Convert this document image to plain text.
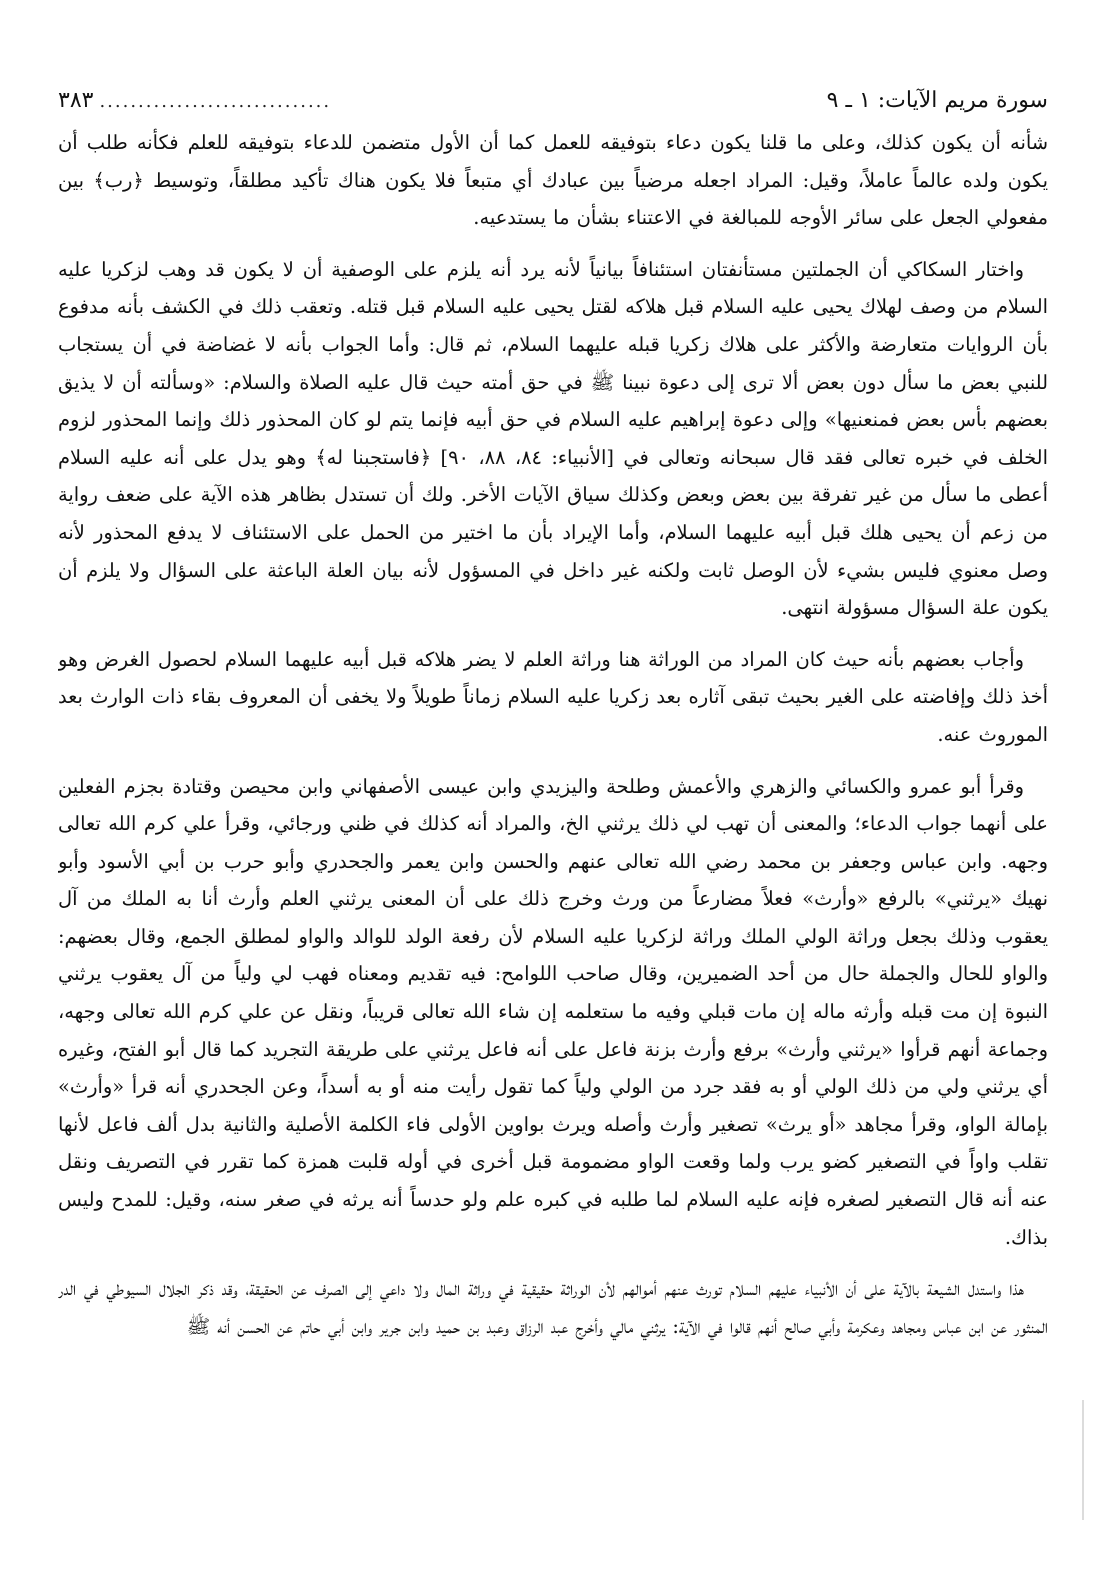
سورة مريم الآيات: ١ ـ ٩
..............................
٣٨٣

شأنه أن يكون كذلك، وعلى ما قلنا يكون دعاء بتوفيقه للعمل كما أن الأول متضمن للدعاء بتوفيقه للعلم فكأنه طلب أن يكون ولده عالماً عاملاً، وقيل: المراد اجعله مرضياً بين عبادك أي متبعاً فلا يكون هناك تأكيد مطلقاً، وتوسيط ﴿رب﴾ بين مفعولي الجعل على سائر الأوجه للمبالغة في الاعتناء بشأن ما يستدعيه.

واختار السكاكي أن الجملتين مستأنفتان استئنافاً بيانياً لأنه يرد أنه يلزم على الوصفية أن لا يكون قد وهب لزكريا عليه السلام من وصف لهلاك يحيى عليه السلام قبل هلاكه لقتل يحيى عليه السلام قبل قتله. وتعقب ذلك في الكشف بأنه مدفوع بأن الروايات متعارضة والأكثر على هلاك زكريا قبله عليهما السلام، ثم قال: وأما الجواب بأنه لا غضاضة في أن يستجاب للنبي بعض ما سأل دون بعض ألا ترى إلى دعوة نبينا ﷺ في حق أمته حيث قال عليه الصلاة والسلام: «وسألته أن لا يذيق بعضهم بأس بعض فمنعنيها» وإلى دعوة إبراهيم عليه السلام في حق أبيه فإنما يتم لو كان المحذور ذلك وإنما المحذور لزوم الخلف في خبره تعالى فقد قال سبحانه وتعالى في [الأنبياء: ٨٤، ٨٨، ٩٠] ﴿فاستجبنا له﴾ وهو يدل على أنه عليه السلام أعطى ما سأل من غير تفرقة بين بعض وبعض وكذلك سياق الآيات الأخر. ولك أن تستدل بظاهر هذه الآية على ضعف رواية من زعم أن يحيى هلك قبل أبيه عليهما السلام، وأما الإيراد بأن ما اختير من الحمل على الاستئناف لا يدفع المحذور لأنه وصل معنوي فليس بشيء لأن الوصل ثابت ولكنه غير داخل في المسؤول لأنه بيان العلة الباعثة على السؤال ولا يلزم أن يكون علة السؤال مسؤولة انتهى.

وأجاب بعضهم بأنه حيث كان المراد من الوراثة هنا وراثة العلم لا يضر هلاكه قبل أبيه عليهما السلام لحصول الغرض وهو أخذ ذلك وإفاضته على الغير بحيث تبقى آثاره بعد زكريا عليه السلام زماناً طويلاً ولا يخفى أن المعروف بقاء ذات الوارث بعد الموروث عنه.

وقرأ أبو عمرو والكسائي والزهري والأعمش وطلحة واليزيدي وابن عيسى الأصفهاني وابن محيصن وقتادة بجزم الفعلين على أنهما جواب الدعاء؛ والمعنى أن تهب لي ذلك يرثني الخ، والمراد أنه كذلك في ظني ورجائي، وقرأ علي كرم الله تعالى وجهه. وابن عباس وجعفر بن محمد رضي الله تعالى عنهم والحسن وابن يعمر والجحدري وأبو حرب بن أبي الأسود وأبو نهيك «يرثني» بالرفع «وأرث» فعلاً مضارعاً من ورث وخرج ذلك على أن المعنى يرثني العلم وأرث أنا به الملك من آل يعقوب وذلك بجعل وراثة الولي الملك وراثة لزكريا عليه السلام لأن رفعة الولد للوالد والواو لمطلق الجمع، وقال بعضهم: والواو للحال والجملة حال من أحد الضميرين، وقال صاحب اللوامح: فيه تقديم ومعناه فهب لي ولياً من آل يعقوب يرثني النبوة إن مت قبله وأرثه ماله إن مات قبلي وفيه ما ستعلمه إن شاء الله تعالى قريباً، ونقل عن علي كرم الله تعالى وجهه، وجماعة أنهم قرأوا «يرثني وأرث» برفع وأرث بزنة فاعل على أنه فاعل يرثني على طريقة التجريد كما قال أبو الفتح، وغيره أي يرثني ولي من ذلك الولي أو به فقد جرد من الولي ولياً كما تقول رأيت منه أو به أسداً، وعن الجحدري أنه قرأ «وأرث» بإمالة الواو، وقرأ مجاهد «أو يرث» تصغير وأرث وأصله ويرث بواوين الأولى فاء الكلمة الأصلية والثانية بدل ألف فاعل لأنها تقلب واواً في التصغير كضو يرب ولما وقعت الواو مضمومة قبل أخرى في أوله قلبت همزة كما تقرر في التصريف ونقل عنه أنه قال التصغير لصغره فإنه عليه السلام لما طلبه في كبره علم ولو حدساً أنه يرثه في صغر سنه، وقيل: للمدح وليس بذاك.

هذا واستدل الشيعة بالآية على أن الأنبياء عليهم السلام تورث عنهم أموالهم لأن الوراثة حقيقية في وراثة المال ولا داعي إلى الصرف عن الحقيقة، وقد ذكر الجلال السيوطي في الدر المنثور عن ابن عباس ومجاهد وعكرمة وأبي صالح أنهم قالوا في الآية: يرثني مالي وأخرج عبد الرزاق وعبد بن حميد وابن جرير وابن أبي حاتم عن الحسن أنه ﷺ
